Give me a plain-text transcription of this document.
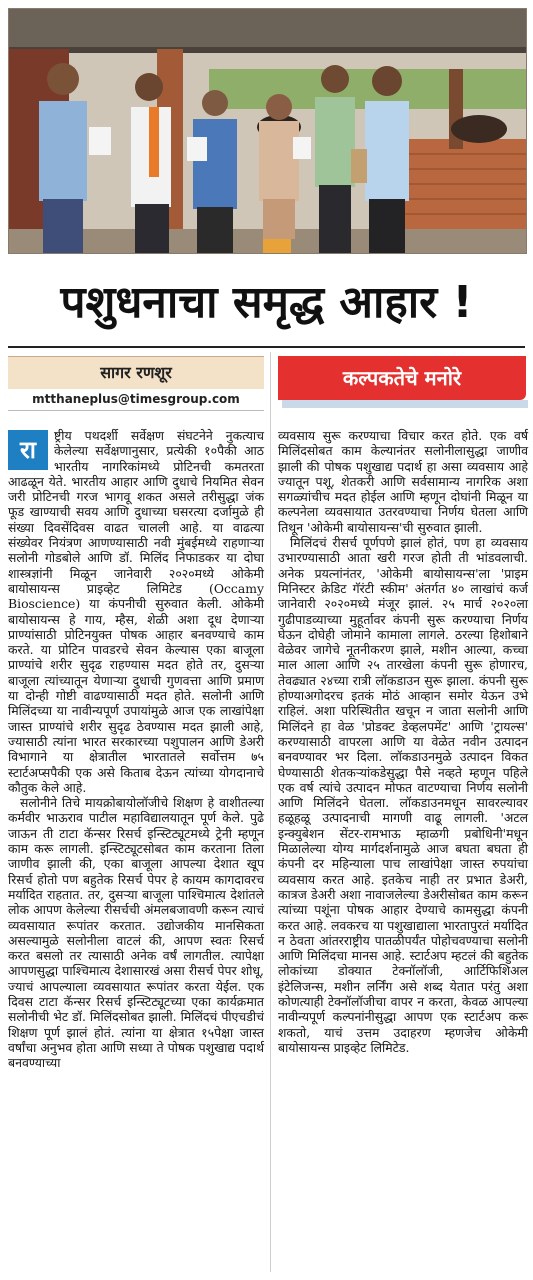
पशुधनाचा समृद्ध आहार !
सागर रणशूर
mtthaneplus@timesgroup.com
कल्पकतेचे मनोरे

रा
ष्ट्रीय पथदर्शी सर्वेक्षण संघटनेने नुकत्याच केलेल्या सर्वेक्षणानुसार, प्रत्येकी १०पैकी आठ भारतीय नागरिकांमध्ये प्रोटिनची कमतरता आढळून येते. भारतीय आहार आणि दुधाचे नियमित सेवन जरी प्रोटिनची गरज भागवू शकत असले तरीसुद्धा जंक फूड खाण्याची सवय आणि दुधाच्या घसरत्या दर्जामुळे ही संख्या दिवसेंदिवस वाढत चालली आहे. या वाढत्या संख्येवर नियंत्रण आणण्यासाठी नवी मुंबईमध्ये राहणाऱ्या सलोनी गोडबोले आणि डॉ. मिलिंद निफाडकर या दोघा शास्त्रज्ञांनी मिळून जानेवारी २०२०मध्ये ओकेमी बायोसायन्स प्राइव्हेट लिमिटेड (Occamy Bioscience) या कंपनीची सुरुवात केली. ओकेमी बायोसायन्स हे गाय, म्हैस, शेळी अशा दूध देणाऱ्या प्राण्यांसाठी प्रोटिनयुक्त पोषक आहार बनवण्याचे काम करते. या प्रोटिन पावडरचे सेवन केल्यास एका बाजूला प्राण्यांचे शरीर सुदृढ राहण्यास मदत होते तर, दुसऱ्या बाजूला त्यांच्यातून येणाऱ्या दुधाची गुणवत्ता आणि प्रमाण या दोन्ही गोष्टी वाढण्यासाठी मदत होते. सलोनी आणि मिलिंदच्या या नावीन्यपूर्ण उपायांमुळे आज एक लाखांपेक्षा जास्त प्राण्यांचे शरीर सुदृढ ठेवण्यास मदत झाली आहे, ज्यासाठी त्यांना भारत सरकारच्या पशुपालन आणि डेअरी विभागाने या क्षेत्रातील भारतातले सर्वोत्तम ७५ स्टार्टअप्सपैकी एक असे किताब देऊन त्यांच्या योगदानाचे कौतुक केले आहे.

सलोनीने तिचे मायक्रोबायोलॉजीचे शिक्षण हे वाशीतल्या कर्मवीर भाऊराव पाटील महाविद्यालयातून पूर्ण केले. पुढे जाऊन ती टाटा कॅन्सर रिसर्च इन्स्टिट्यूटमध्ये ट्रेनी म्हणून काम करू लागली. इन्स्टिट्यूटसोबत काम करताना तिला जाणीव झाली की, एका बाजूला आपल्या देशात खूप रिसर्च होतो पण बहुतेक रिसर्च पेपर हे कायम कागदावरच मर्यादित राहतात. तर, दुसऱ्या बाजूला पाश्चिमात्य देशांतले लोक आपण केलेल्या रीसर्चची अंमलबजावणी करून त्याचं व्यवसायात रूपांतर करतात. उद्योजकीय मानसिकता असल्यामुळे सलोनीला वाटलं की, आपण स्वतः रिसर्च करत बसलो तर त्यासाठी अनेक वर्षं लागतील. त्यापेक्षा आपणसुद्धा पाश्चिमात्य देशासारखं असा रीसर्च पेपर शोधू, ज्याचं आपल्याला व्यवसायात रूपांतर करता येईल. एक दिवस टाटा कॅन्सर रिसर्च इन्स्टिट्यूटच्या एका कार्यक्रमात सलोनीची भेट डॉ. मिलिंदसोबत झाली. मिलिंदचं पीएचडीचं शिक्षण पूर्ण झालं होतं. त्यांना या क्षेत्रात १५पेक्षा जास्त वर्षांचा अनुभव होता आणि सध्या ते पोषक पशुखाद्य पदार्थ बनवण्याच्या

व्यवसाय सुरू करण्याचा विचार करत होते. एक वर्ष मिलिंदसोबत काम केल्यानंतर सलोनीलासुद्धा जाणीव झाली की पोषक पशुखाद्य पदार्थ हा असा व्यवसाय आहे ज्यातून पशू, शेतकरी आणि सर्वसामान्य नागरिक अशा सगळ्यांचीच मदत होईल आणि म्हणून दोघांनी मिळून या कल्पनेला व्यवसायात उतरवण्याचा निर्णय घेतला आणि तिथून 'ओकेमी बायोसायन्स'ची सुरुवात झाली.

मिलिंदचं रीसर्च पूर्णपणे झालं होतं, पण हा व्यवसाय उभारण्यासाठी आता खरी गरज होती ती भांडवलाची. अनेक प्रयत्नांनंतर, 'ओकेमी बायोसायन्स'ला 'प्राइम मिनिस्टर क्रेडिट गॅरंटी स्कीम' अंतर्गत ४० लाखांचं कर्ज जानेवारी २०२०मध्ये मंजूर झालं. २५ मार्च २०२०ला गुढीपाडव्याच्या मुहूर्तावर कंपनी सुरू करण्याचा निर्णय घेऊन दोघेही जोमाने कामाला लागले. ठरल्या हिशोबाने वेळेवर जागेचे नूतनीकरण झाले, मशीन आल्या, कच्चा माल आला आणि २५ तारखेला कंपनी सुरू होणारच, तेवढ्यात २४च्या रात्री लॉकडाउन सुरू झाला. कंपनी सुरू होण्याअगोदरच इतकं मोठं आव्हान समोर येऊन उभे राहिलं. अशा परिस्थितीत खचून न जाता सलोनी आणि मिलिंदने हा वेळ 'प्रोडक्ट डेव्हलपमेंट' आणि 'ट्रायल्स' करण्यासाठी वापरला आणि या वेळेत नवीन उत्पादन बनवण्यावर भर दिला. लॉकडाउनमुळे उत्पादन विकत घेण्यासाठी शेतकऱ्यांकडेसुद्धा पैसे नव्हते म्हणून पहिले एक वर्ष त्यांचे उत्पादन मोफत वाटण्याचा निर्णय सलोनी आणि मिलिंदने घेतला. लॉकडाउनमधून सावरल्यावर हळूहळू उत्पादनाची मागणी वाढू लागली. 'अटल इन्क्युबेशन सेंटर-रामभाऊ म्हाळगी प्रबोधिनी'मधून मिळालेल्या योग्य मार्गदर्शनामुळे आज बघता बघता ही कंपनी दर महिन्याला पाच लाखांपेक्षा जास्त रुपयांचा व्यवसाय करत आहे. इतकेच नाही तर प्रभात डेअरी, कात्रज डेअरी अशा नावाजलेल्या डेअरीसोबत काम करून त्यांच्या पशूंना पोषक आहार देण्याचे कामसुद्धा कंपनी करत आहे. लवकरच या पशुखाद्याला भारतापुरतं मर्यादित न ठेवता आंतरराष्ट्रीय पातळीपर्यंत पोहोचवण्याचा सलोनी आणि मिलिंदचा मानस आहे. स्टार्टअप म्हटलं की बहुतेक लोकांच्या डोक्यात टेक्नॉलॉजी, आर्टिफिशिअल इंटेलिजन्स, मशीन लर्निंग असे शब्द येतात परंतु अशा कोणत्याही टेक्नॉलॉजीचा वापर न करता, केवळ आपल्या नावीन्यपूर्ण कल्पनांनीसुद्धा आपण एक स्टार्टअप करू शकतो, याचं उत्तम उदाहरण म्हणजेच ओकेमी बायोसायन्स प्राइव्हेट लिमिटेड.
